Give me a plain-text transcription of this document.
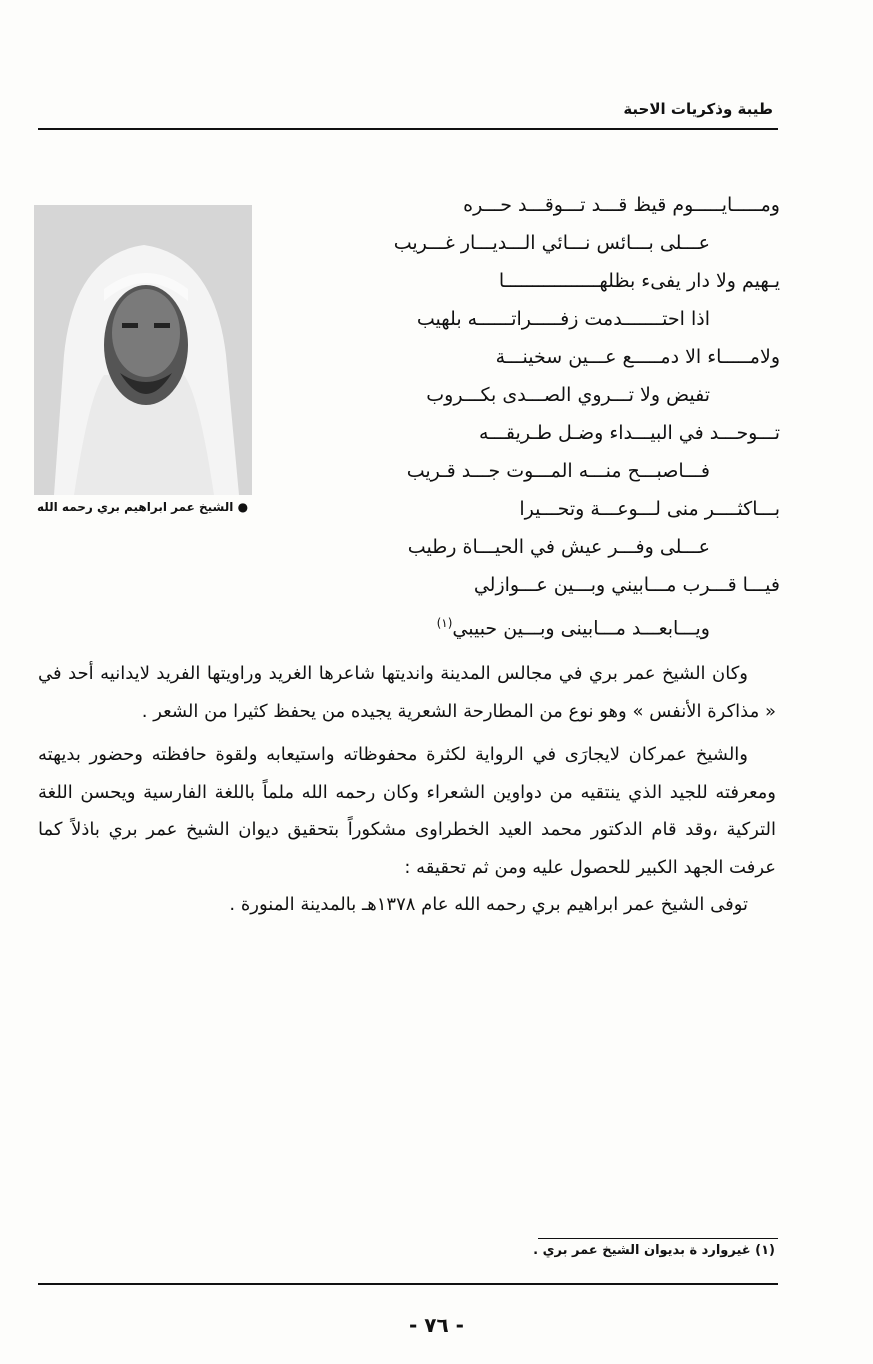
طيبة وذكريات الاحبة
● الشيخ عمر ابراهيم بري رحمه الله
ومـــــايـــــوم قيظ قـــد تـــوقـــد حـــره
عـــلى بـــائس نـــائي الـــديـــار غـــريب
يـهيم ولا دار يفىء بظلهـــــــــــــــــا
اذا احتـــــــدمت زفـــــراتــــــه بلهيب
ولامـــــاء الا دمـــــع عـــين سخينـــة
تفيض ولا تـــروي الصـــدى بكـــروب
تـــوحـــد في البيـــداء وضـل طـريقـــه
فـــاصبـــح منـــه المـــوت جـــد قـريب
بـــاكثــــر منى لـــوعـــة وتحـــيرا
عـــلى وفـــر عيش في الحيـــاة رطيب
فيـــا قـــرب مـــابيني وبـــين عـــوازلي
ويـــابعـــد مـــابينى وبـــين حبيبي$^{(١)}$

وكان الشيخ عمر بري في مجالس المدينة وانديتها شاعرها الغريد وراويتها الفريد لايدانيه أحد في « مذاكرة الأنفس » وهو نوع من المطارحة الشعرية يجيده من يحفظ كثيرا من الشعر .

والشيخ عمركان لايجارَى في الرواية لكثرة محفوظاته واستيعابه ولقوة حافظته وحضور بديهته ومعرفته للجيد الذي ينتقيه من دواوين الشعراء وكان رحمه الله ملماً باللغة الفارسية ويحسن اللغة التركية ،وقد قام الدكتور محمد العيد الخطراوى مشكوراً بتحقيق ديوان الشيخ عمر بري باذلاً كما عرفت الجهد الكبير للحصول عليه ومن ثم تحقيقه :

توفى الشيخ عمر ابراهيم بري رحمه الله عام ١٣٧٨هـ بالمدينة المنورة .

(١) غيروارد ة بديوان الشيخ عمر بري .
- ٧٦ -
